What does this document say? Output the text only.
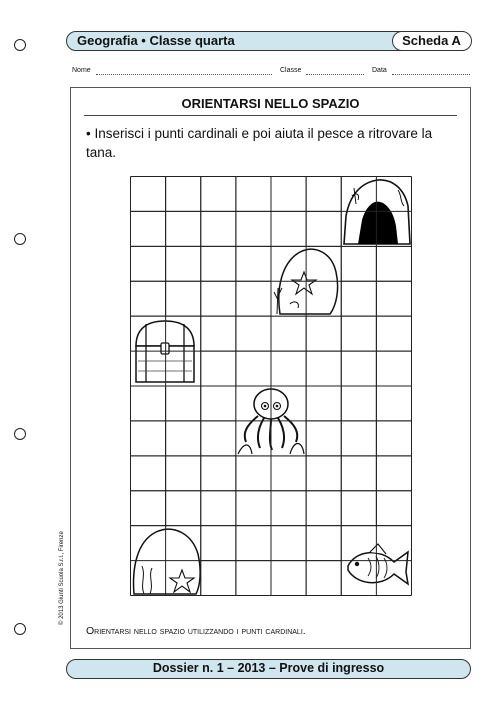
Geografia • Classe quarta	Scheda A
Nome	Classe	Data
ORIENTARSI NELLO SPAZIO
• Inserisci i punti cardinali e poi aiuta il pesce a ritrovare la tana.
Orientarsi nello spazio utilizzando i punti cardinali.
© 2013 Giunti Scuola S.r.l., Firenze
Dossier n. 1 – 2013 – Prove di ingresso
